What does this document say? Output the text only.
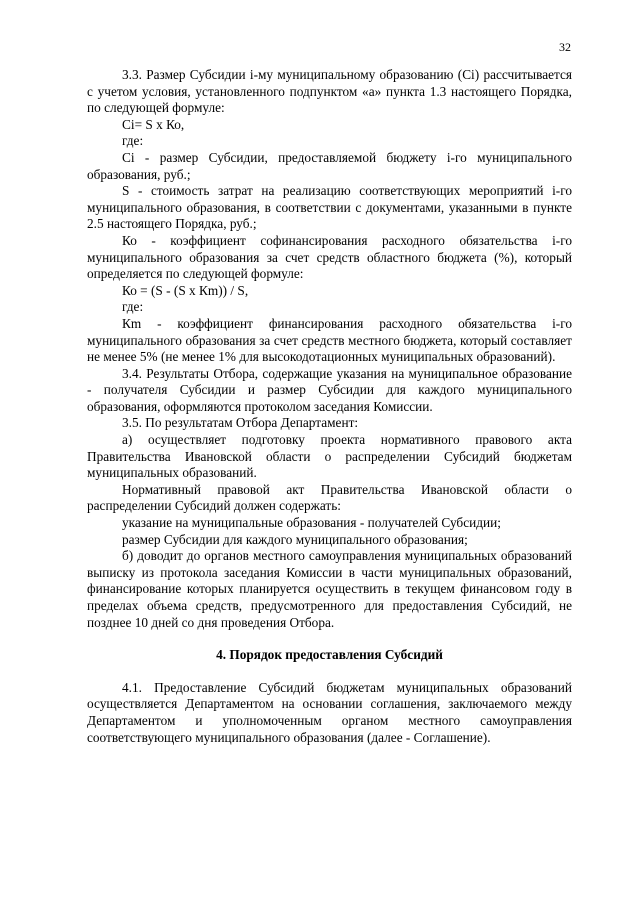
32

3.3. Размер Субсидии i-му муниципальному образованию (Ci) рассчитывается с учетом условия, установленного подпунктом «а» пункта 1.3 настоящего Порядка, по следующей формуле:

Ci= S x Ко,

где:

Ci - размер Субсидии, предоставляемой бюджету i-го муниципального образования, руб.;

S - стоимость затрат на реализацию соответствующих мероприятий i-го муниципального образования, в соответствии с документами, указанными в пункте 2.5 настоящего Порядка, руб.;

Ко - коэффициент софинансирования расходного обязательства i-го муниципального образования за счет средств областного бюджета (%), который определяется по следующей формуле:

Ко = (S - (S x Кm)) / S,

где:

Кm - коэффициент финансирования расходного обязательства i-го муниципального образования за счет средств местного бюджета, который составляет не менее 5% (не менее 1% для высокодотационных муниципальных образований).

3.4. Результаты Отбора, содержащие указания на муниципальное образование - получателя Субсидии и размер Субсидии для каждого муниципального образования, оформляются протоколом заседания Комиссии.

3.5. По результатам Отбора Департамент:

а) осуществляет подготовку проекта нормативного правового акта Правительства Ивановской области о распределении Субсидий бюджетам муниципальных образований.

Нормативный правовой акт Правительства Ивановской области о распределении Субсидий должен содержать:

указание на муниципальные образования - получателей Субсидии;

размер Субсидии для каждого муниципального образования;

б) доводит до органов местного самоуправления муниципальных образований выписку из протокола заседания Комиссии в части муниципальных образований, финансирование которых планируется осуществить в текущем финансовом году в пределах объема средств, предусмотренного для предоставления Субсидий, не позднее 10 дней со дня проведения Отбора.

4. Порядок предоставления Субсидий

4.1. Предоставление Субсидий бюджетам муниципальных образований осуществляется Департаментом на основании соглашения, заключаемого между Департаментом и уполномоченным органом местного самоуправления соответствующего муниципального образования (далее - Соглашение).
